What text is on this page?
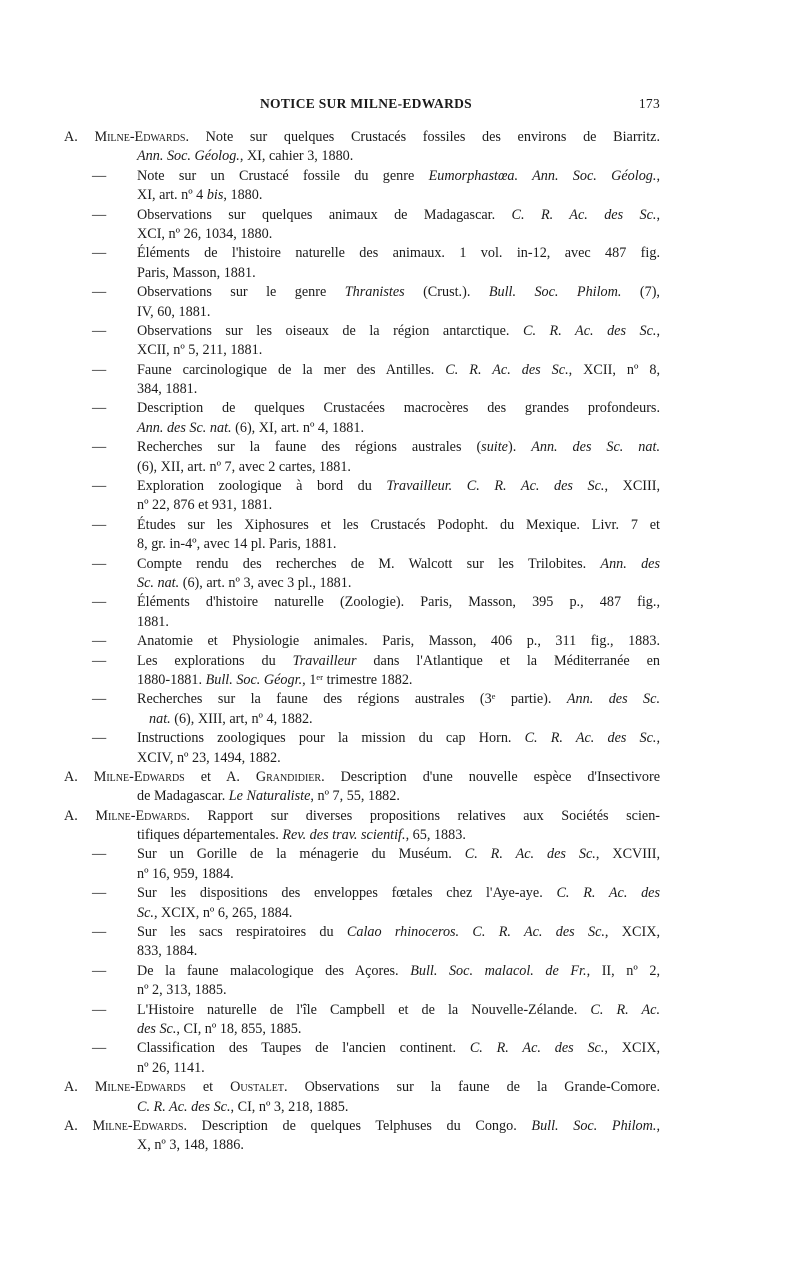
NOTICE SUR MILNE-EDWARDS	173
A. Milne-Edwards. Note sur quelques Crustacés fossiles des environs de Biarritz.
Ann. Soc. Géolog., XI, cahier 3, 1880.
— Note sur un Crustacé fossile du genre Eumorphastœa. Ann. Soc. Géolog.,
XI, art. nº 4 bis, 1880.
— Observations sur quelques animaux de Madagascar. C. R. Ac. des Sc.,
XCI, nº 26, 1034, 1880.
— Éléments de l'histoire naturelle des animaux. 1 vol. in-12, avec 487 fig.
Paris, Masson, 1881.
— Observations sur le genre Thranistes (Crust.). Bull. Soc. Philom. (7),
IV, 60, 1881.
— Observations sur les oiseaux de la région antarctique. C. R. Ac. des Sc.,
XCII, nº 5, 211, 1881.
— Faune carcinologique de la mer des Antilles. C. R. Ac. des Sc., XCII, nº 8,
384, 1881.
— Description de quelques Crustacées macrocères des grandes profondeurs.
Ann. des Sc. nat. (6), XI, art. nº 4, 1881.
— Recherches sur la faune des régions australes (suite). Ann. des Sc. nat.
(6), XII, art. nº 7, avec 2 cartes, 1881.
— Exploration zoologique à bord du Travailleur. C. R. Ac. des Sc., XCIII,
nº 22, 876 et 931, 1881.
— Études sur les Xiphosures et les Crustacés Podopht. du Mexique. Livr. 7 et
8, gr. in-4º, avec 14 pl. Paris, 1881.
— Compte rendu des recherches de M. Walcott sur les Trilobites. Ann. des
Sc. nat. (6), art. nº 3, avec 3 pl., 1881.
— Éléments d'histoire naturelle (Zoologie). Paris, Masson, 395 p., 487 fig.,
1881.
— Anatomie et Physiologie animales. Paris, Masson, 406 p., 311 fig., 1883.
— Les explorations du Travailleur dans l'Atlantique et la Méditerranée en
1880-1881. Bull. Soc. Géogr., 1ᵉʳ trimestre 1882.
— Recherches sur la faune des régions australes (3ᵉ partie). Ann. des Sc.
nat. (6), XIII, art, nº 4, 1882.
— Instructions zoologiques pour la mission du cap Horn. C. R. Ac. des Sc.,
XCIV, nº 23, 1494, 1882.
A. Milne-Edwards et A. Grandidier. Description d'une nouvelle espèce d'Insectivore
de Madagascar. Le Naturaliste, nº 7, 55, 1882.
A. Milne-Edwards. Rapport sur diverses propositions relatives aux Sociétés scien-
tifiques départementales. Rev. des trav. scientif., 65, 1883.
— Sur un Gorille de la ménagerie du Muséum. C. R. Ac. des Sc., XCVIII,
nº 16, 959, 1884.
— Sur les dispositions des enveloppes fœtales chez l'Aye-aye. C. R. Ac. des
Sc., XCIX, nº 6, 265, 1884.
— Sur les sacs respiratoires du Calao rhinoceros. C. R. Ac. des Sc., XCIX,
833, 1884.
— De la faune malacologique des Açores. Bull. Soc. malacol. de Fr., II, nº 2,
nº 2, 313, 1885.
— L'Histoire naturelle de l'île Campbell et de la Nouvelle-Zélande. C. R. Ac.
des Sc., CI, nº 18, 855, 1885.
— Classification des Taupes de l'ancien continent. C. R. Ac. des Sc., XCIX,
nº 26, 1141.
A. Milne-Edwards et Oustalet. Observations sur la faune de la Grande-Comore.
C. R. Ac. des Sc., CI, nº 3, 218, 1885.
A. Milne-Edwards. Description de quelques Telphuses du Congo. Bull. Soc. Philom.,
X, nº 3, 148, 1886.
